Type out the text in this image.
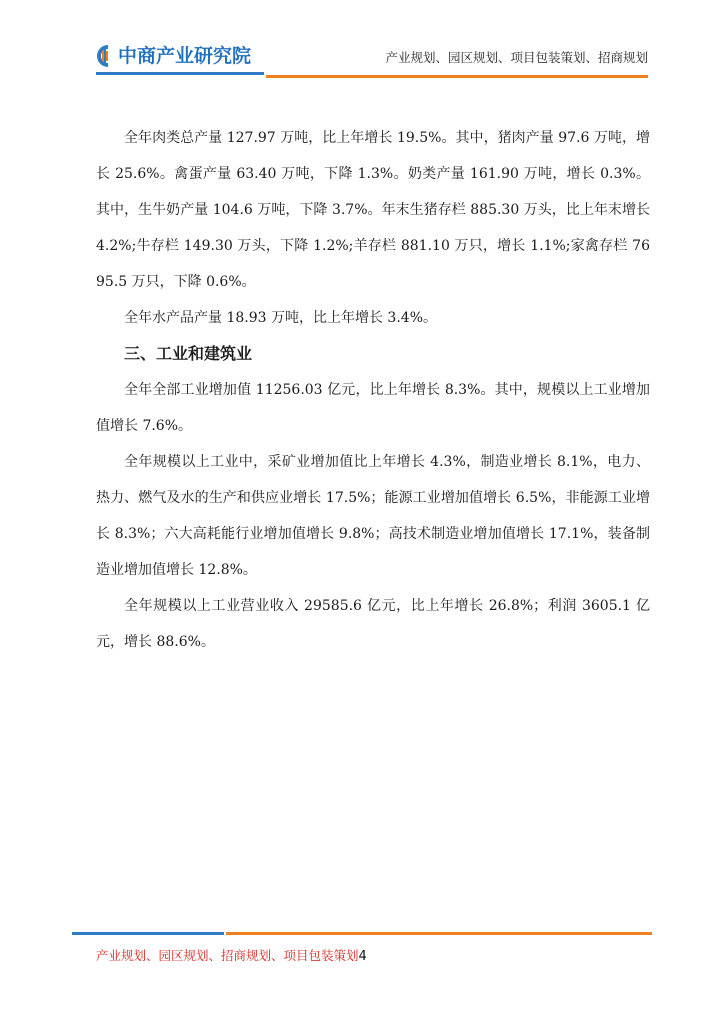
中商产业研究院	产业规划、园区规划、项目包装策划、招商规划

全年肉类总产量 127.97 万吨，比上年增长 19.5%。其中，猪肉产量 97.6 万吨，增长 25.6%。禽蛋产量 63.40 万吨，下降 1.3%。奶类产量 161.90 万吨，增长 0.3%。其中，生牛奶产量 104.6 万吨，下降 3.7%。年末生猪存栏 885.30 万头，比上年末增长 4.2%;牛存栏 149.30 万头，下降 1.2%;羊存栏 881.10 万只，增长 1.1%;家禽存栏 7695.5 万只，下降 0.6%。

全年水产品产量 18.93 万吨，比上年增长 3.4%。

三、工业和建筑业

全年全部工业增加值 11256.03 亿元，比上年增长 8.3%。其中，规模以上工业增加值增长 7.6%。

全年规模以上工业中，采矿业增加值比上年增长 4.3%，制造业增长 8.1%，电力、热力、燃气及水的生产和供应业增长 17.5%；能源工业增加值增长 6.5%，非能源工业增长 8.3%；六大高耗能行业增加值增长 9.8%；高技术制造业增加值增长 17.1%，装备制造业增加值增长 12.8%。

全年规模以上工业营业收入 29585.6 亿元，比上年增长 26.8%；利润 3605.1 亿元，增长 88.6%。

产业规划、园区规划、招商规划、项目包装策划4
